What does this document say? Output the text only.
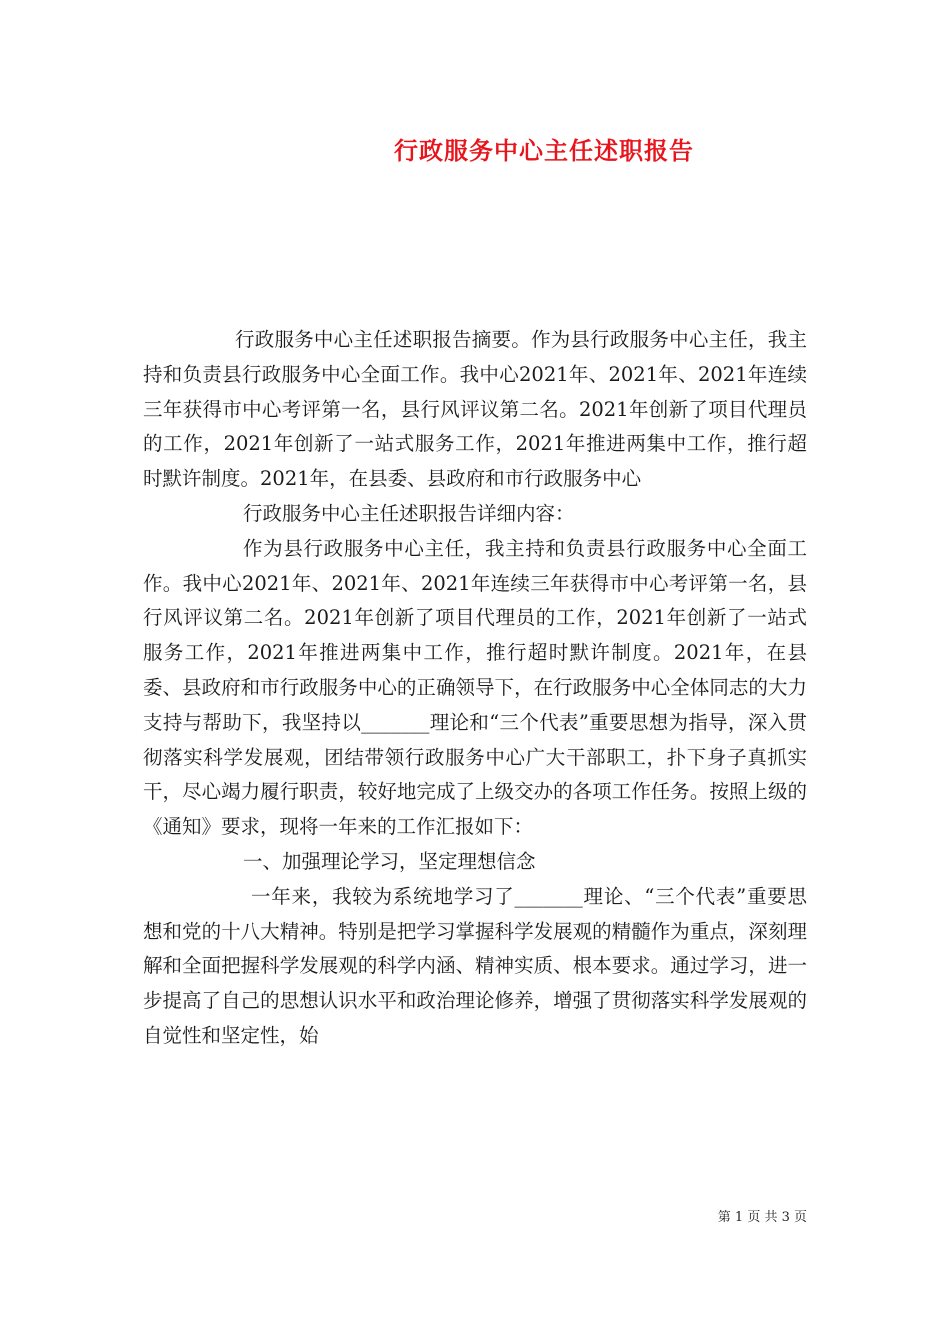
行政服务中心主任述职报告

行政服务中心主任述职报告摘要。作为县行政服务中心主任，我主持和负责县行政服务中心全面工作。我中心2021年、2021年、2021年连续三年获得市中心考评第一名，县行风评议第二名。2021年创新了项目代理员的工作，2021年创新了一站式服务工作，2021年推进两集中工作，推行超时默许制度。2021年，在县委、县政府和市行政服务中心

行政服务中心主任述职报告详细内容：

作为县行政服务中心主任，我主持和负责县行政服务中心全面工作。我中心2021年、2021年、2021年连续三年获得市中心考评第一名，县行风评议第二名。2021年创新了项目代理员的工作，2021年创新了一站式服务工作，2021年推进两集中工作，推行超时默许制度。2021年，在县委、县政府和市行政服务中心的正确领导下，在行政服务中心全体同志的大力支持与帮助下，我坚持以_______理论和“三个代表”重要思想为指导，深入贯彻落实科学发展观，团结带领行政服务中心广大干部职工，扑下身子真抓实干，尽心竭力履行职责，较好地完成了上级交办的各项工作任务。按照上级的《通知》要求，现将一年来的工作汇报如下：

一、加强理论学习，坚定理想信念

一年来，我较为系统地学习了_______理论、“三个代表”重要思想和党的十八大精神。特别是把学习掌握科学发展观的精髓作为重点，深刻理解和全面把握科学发展观的科学内涵、精神实质、根本要求。通过学习，进一步提高了自己的思想认识水平和政治理论修养，增强了贯彻落实科学发展观的自觉性和坚定性，始

第 1 页 共 3 页
